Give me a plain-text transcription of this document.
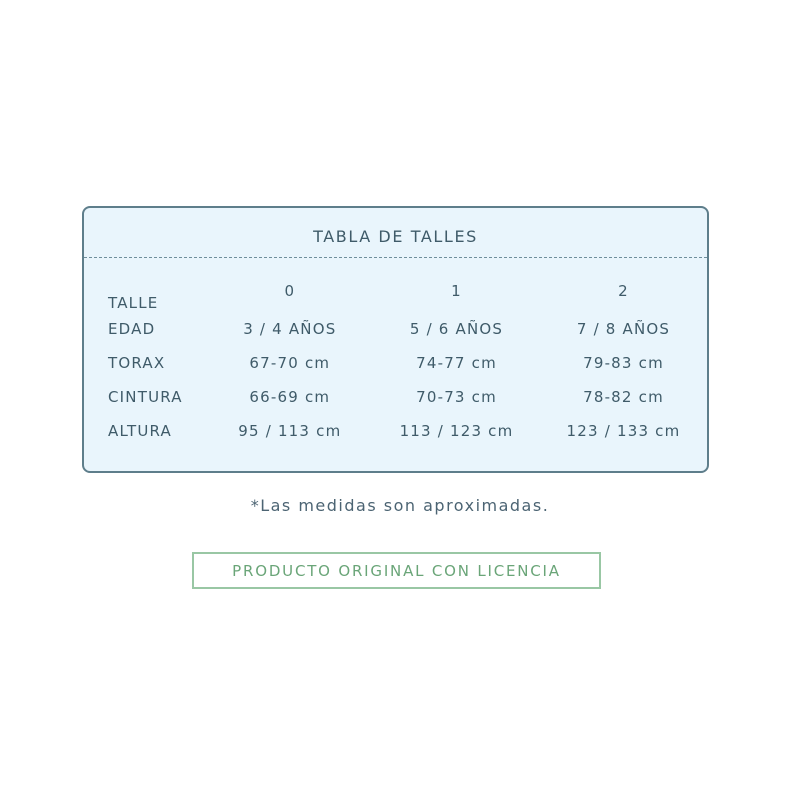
TABLA DE TALLES
TALLE	0	1	2
EDAD	3 / 4 AÑOS	5 / 6 AÑOS	7 / 8 AÑOS
TORAX	67-70 cm	74-77 cm	79-83 cm
CINTURA	66-69 cm	70-73 cm	78-82 cm
ALTURA	95 / 113 cm	113 / 123 cm	123 / 133 cm
*Las medidas son aproximadas.
PRODUCTO ORIGINAL CON LICENCIA
